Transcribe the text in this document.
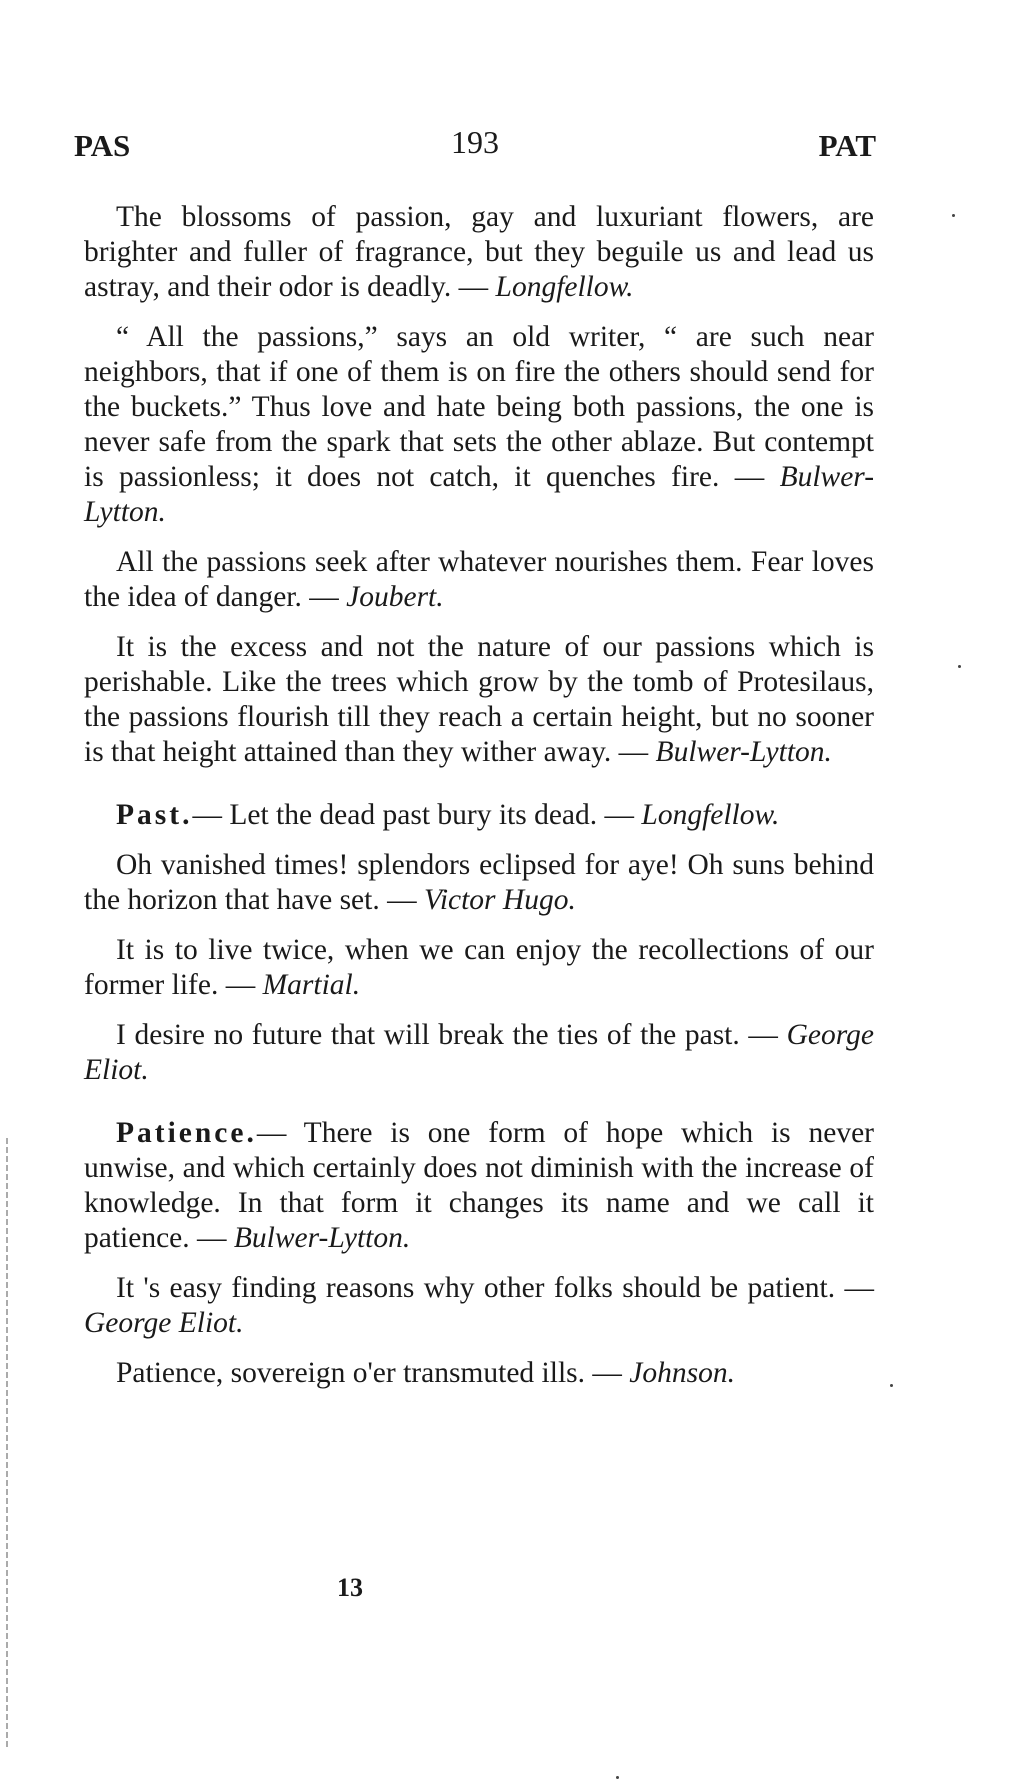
PAS	193	PAT

The blossoms of passion, gay and luxuriant flowers, are brighter and fuller of fragrance, but they beguile us and lead us astray, and their odor is deadly. — Longfellow.

“ All the passions,” says an old writer, “ are such near neighbors, that if one of them is on fire the others should send for the buckets.” Thus love and hate being both passions, the one is never safe from the spark that sets the other ablaze. But contempt is passionless; it does not catch, it quenches fire. — Bulwer-Lytton.

All the passions seek after whatever nourishes them. Fear loves the idea of danger. — Joubert.

It is the excess and not the nature of our passions which is perishable. Like the trees which grow by the tomb of Protesilaus, the passions flourish till they reach a certain height, but no sooner is that height attained than they wither away. — Bulwer-Lytton.

Past.— Let the dead past bury its dead. — Longfellow.

Oh vanished times! splendors eclipsed for aye! Oh suns behind the horizon that have set. — Victor Hugo.

It is to live twice, when we can enjoy the recollections of our former life. — Martial.

I desire no future that will break the ties of the past. — George Eliot.

Patience.— There is one form of hope which is never unwise, and which certainly does not diminish with the increase of knowledge. In that form it changes its name and we call it patience. — Bulwer-Lytton.

It 's easy finding reasons why other folks should be patient. — George Eliot.

Patience, sovereign o'er transmuted ills. — Johnson.

13
